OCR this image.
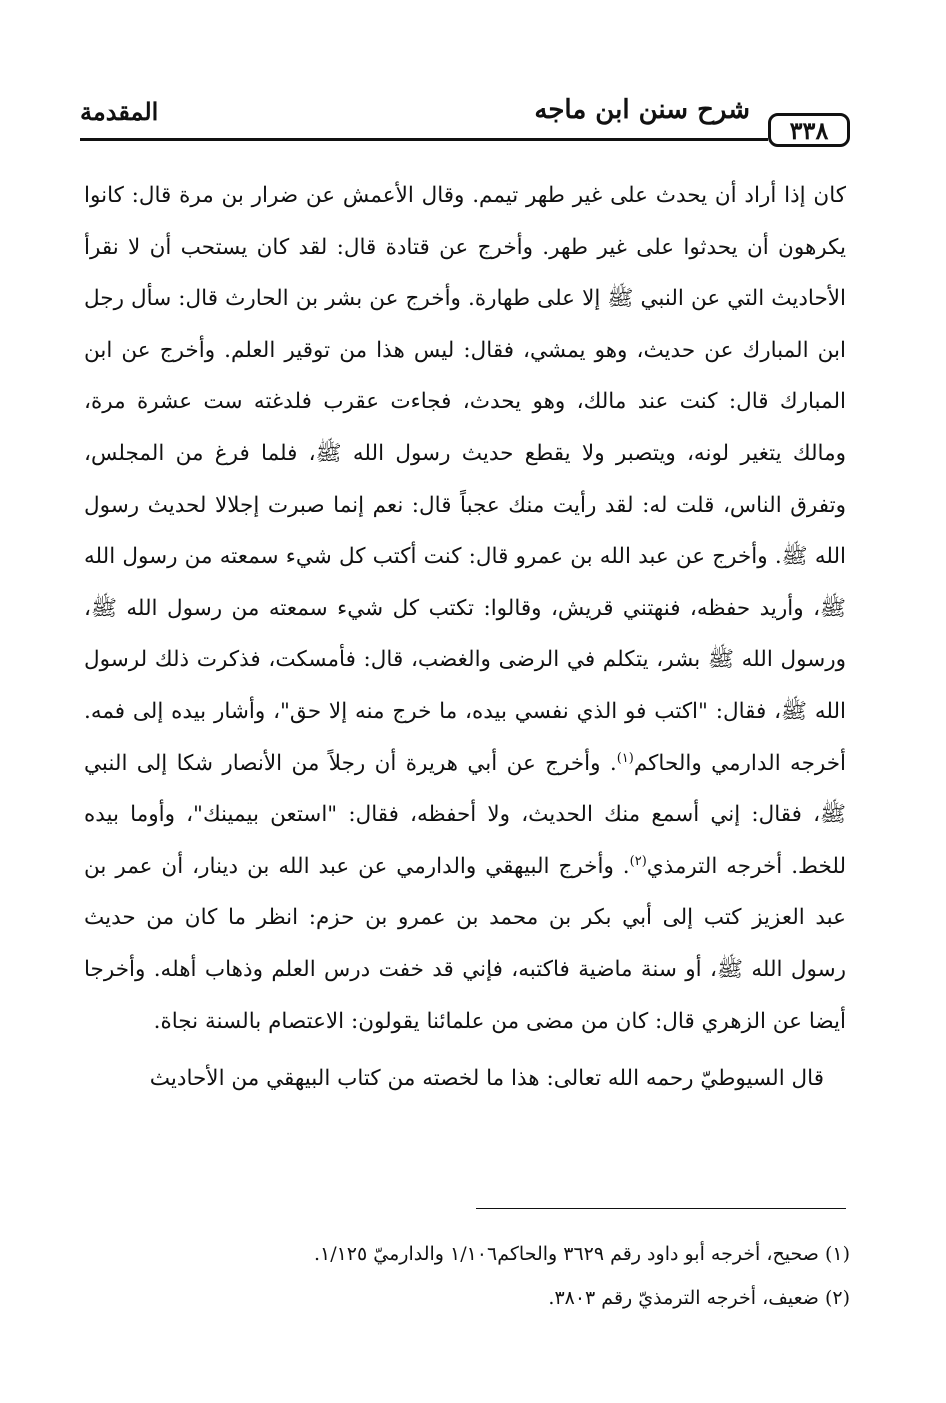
المقدمة	شرح سنن ابن ماجه
٣٣٨

كان إذا أراد أن يحدث على غير طهر تيمم. وقال الأعمش عن ضرار بن مرة قال: كانوا يكرهون أن يحدثوا على غير طهر. وأخرج عن قتادة قال: لقد كان يستحب أن لا نقرأ الأحاديث التي عن النبي ﷺ إلا على طهارة. وأخرج عن بشر بن الحارث قال: سأل رجل ابن المبارك عن حديث، وهو يمشي، فقال: ليس هذا من توقير العلم. وأخرج عن ابن المبارك قال: كنت عند مالك، وهو يحدث، فجاءت عقرب فلدغته ست عشرة مرة، ومالك يتغير لونه، ويتصبر ولا يقطع حديث رسول الله ﷺ، فلما فرغ من المجلس، وتفرق الناس، قلت له: لقد رأيت منك عجباً قال: نعم إنما صبرت إجلالا لحديث رسول الله ﷺ. وأخرج عن عبد الله بن عمرو قال: كنت أكتب كل شيء سمعته من رسول الله ﷺ، وأريد حفظه، فنهتني قريش، وقالوا: تكتب كل شيء سمعته من رسول الله ﷺ، ورسول الله ﷺ بشر، يتكلم في الرضى والغضب، قال: فأمسكت، فذكرت ذلك لرسول الله ﷺ، فقال: "اكتب فو الذي نفسي بيده، ما خرج منه إلا حق"، وأشار بيده إلى فمه. أخرجه الدارمي والحاكم$^{(١)}$. وأخرج عن أبي هريرة أن رجلاً من الأنصار شكا إلى النبي ﷺ، فقال: إني أسمع منك الحديث، ولا أحفظه، فقال: "استعن بيمينك"، وأوما بيده للخط. أخرجه الترمذي$^{(٢)}$. وأخرج البيهقي والدارمي عن عبد الله بن دينار، أن عمر بن عبد العزيز كتب إلى أبي بكر بن محمد بن عمرو بن حزم: انظر ما كان من حديث رسول الله ﷺ، أو سنة ماضية فاكتبه، فإني قد خفت درس العلم وذهاب أهله. وأخرجا أيضا عن الزهري قال: كان من مضى من علمائنا يقولون: الاعتصام بالسنة نجاة.

قال السيوطيّ رحمه الله تعالى: هذا ما لخصته من كتاب البيهقي من الأحاديث

(١) صحيح، أخرجه أبو داود رقم ٣٦٢٩ والحاكم١/١٠٦ والدارميّ ١/١٢٥.

(٢) ضعيف، أخرجه الترمذيّ رقم ٣٨٠٣.
